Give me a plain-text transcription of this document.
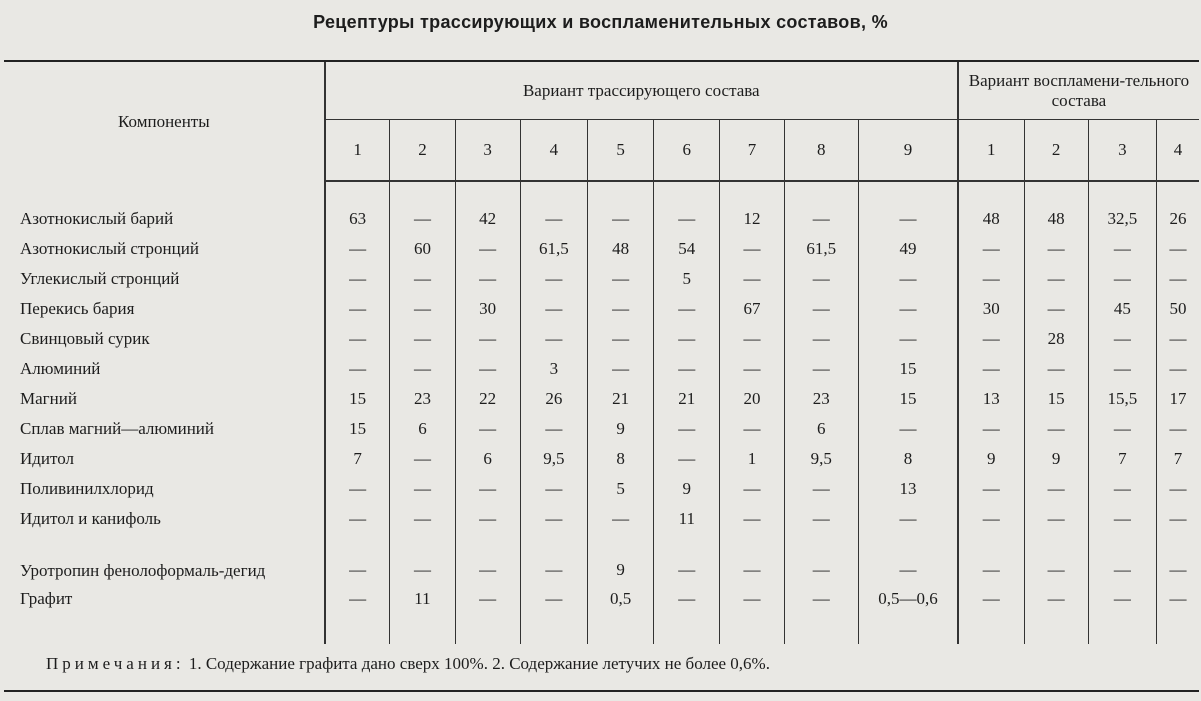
Рецептуры трассирующих и воспламенительных составов, %
Компоненты	Вариант трассирующего состава									Вариант воспламени-тельного состава			
	1	2	3	4	5	6	7	8	9	1	2	3	4
Азотнокислый барий	63	—	42	—	—	—	12	—	—	48	48	32,5	26
Азотнокислый стронций	—	60	—	61,5	48	54	—	61,5	49	—	—	—	—
Углекислый стронций	—	—	—	—	—	5	—	—	—	—	—	—	—
Перекись бария	—	—	30	—	—	—	67	—	—	30	—	45	50
Свинцовый сурик	—	—	—	—	—	—	—	—	—	—	28	—	—
Алюминий	—	—	—	3	—	—	—	—	15	—	—	—	—
Магний	15	23	22	26	21	21	20	23	15	13	15	15,5	17
Сплав магний—алюминий	15	6	—	—	9	—	—	6	—	—	—	—	—
Идитол	7	—	6	9,5	8	—	1	9,5	8	9	9	7	7
Поливинилхлорид	—	—	—	—	5	9	—	—	13	—	—	—	—
Идитол и канифоль	—	—	—	—	—	11	—	—	—	—	—	—	—
Уротропин фенолоформаль-дегид	—	—	—	—	9	—	—	—	—	—	—	—	—
Графит	—	11	—	—	0,5	—	—	—	0,5—0,6	—	—	—	—
Примечания: 1. Содержание графита дано сверх 100%. 2. Содержание летучих не более 0,6%.
